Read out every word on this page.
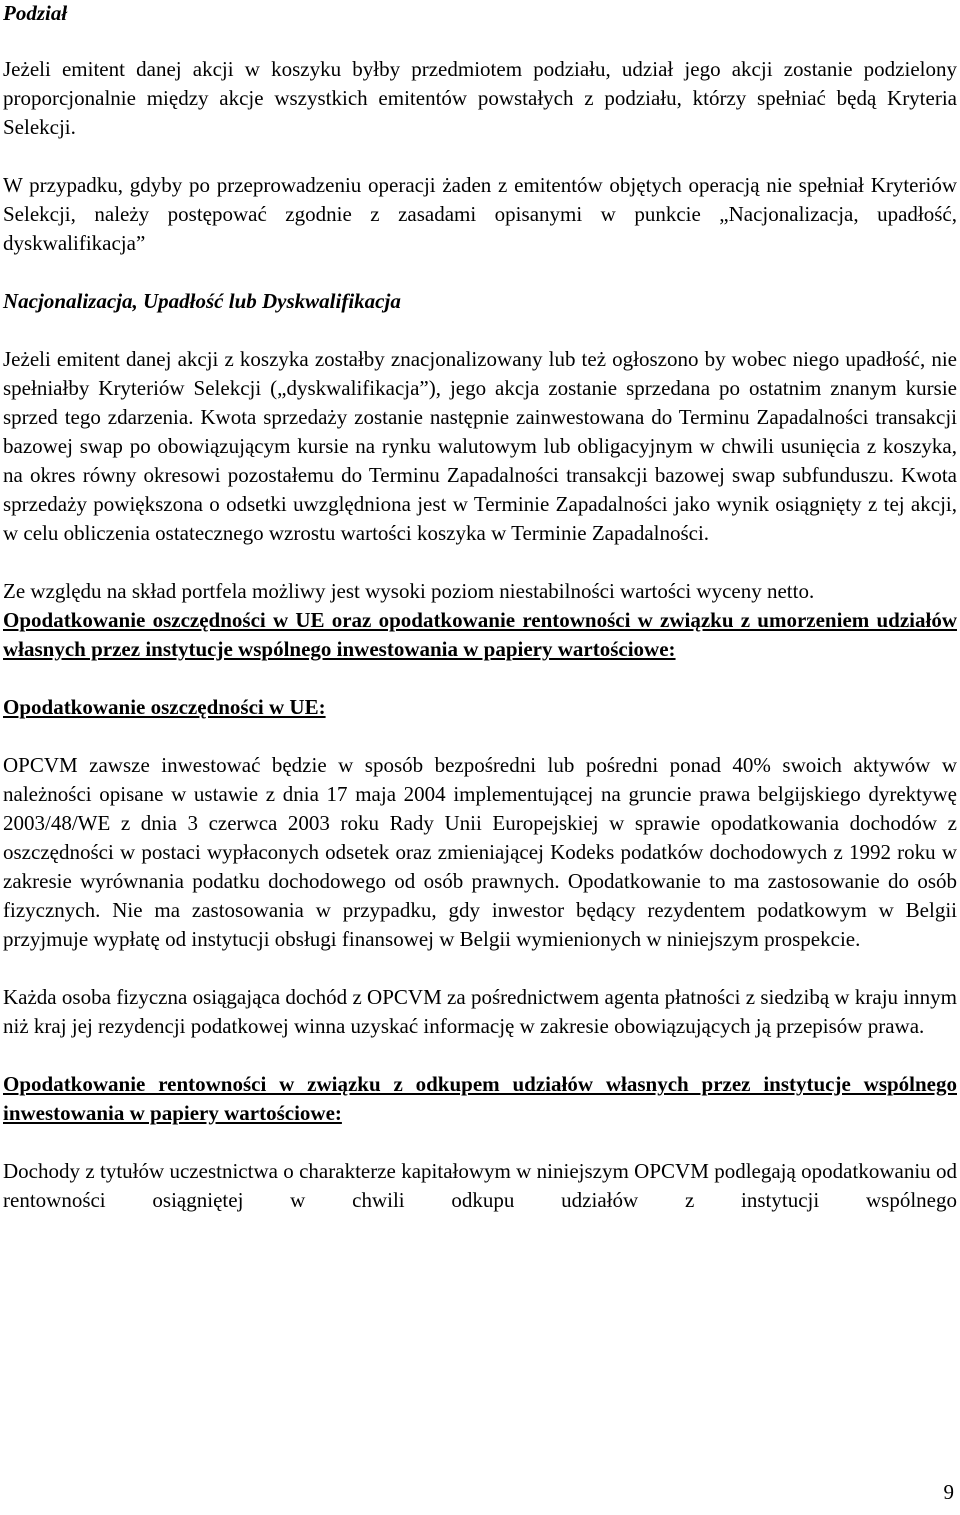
Podział

Jeżeli emitent danej akcji w koszyku byłby przedmiotem podziału, udział jego akcji zostanie podzielony proporcjonalnie między akcje wszystkich emitentów powstałych z podziału, którzy spełniać będą Kryteria Selekcji.

W przypadku, gdyby po przeprowadzeniu operacji żaden z emitentów objętych operacją nie spełniał Kryteriów Selekcji, należy postępować zgodnie z zasadami opisanymi w punkcie „Nacjonalizacja, upadłość, dyskwalifikacja”

Nacjonalizacja, Upadłość lub Dyskwalifikacja

Jeżeli emitent danej akcji z koszyka zostałby znacjonalizowany lub też ogłoszono by wobec niego upadłość, nie spełniałby Kryteriów Selekcji („dyskwalifikacja”), jego akcja zostanie sprzedana po ostatnim znanym kursie sprzed tego zdarzenia. Kwota sprzedaży zostanie następnie zainwestowana do Terminu Zapadalności transakcji bazowej swap po obowiązującym kursie na rynku walutowym lub obligacyjnym w chwili usunięcia z koszyka, na okres równy okresowi pozostałemu do Terminu Zapadalności transakcji bazowej swap subfunduszu. Kwota sprzedaży powiększona o odsetki uwzględniona jest w Terminie Zapadalności jako wynik osiągnięty z tej akcji, w celu obliczenia ostatecznego wzrostu wartości koszyka w Terminie Zapadalności.

Ze względu na skład portfela możliwy jest wysoki poziom niestabilności wartości wyceny netto.

Opodatkowanie oszczędności w UE oraz opodatkowanie rentowności w związku z umorzeniem udziałów własnych przez instytucje wspólnego inwestowania w papiery wartościowe:
Opodatkowanie oszczędności w UE:

OPCVM zawsze inwestować będzie w sposób bezpośredni lub pośredni ponad 40% swoich aktywów w należności opisane w ustawie z dnia 17 maja 2004 implementującej na gruncie prawa belgijskiego dyrektywę 2003/48/WE z dnia 3 czerwca 2003 roku Rady Unii Europejskiej w sprawie opodatkowania dochodów z oszczędności w postaci wypłaconych odsetek oraz zmieniającej Kodeks podatków dochodowych z 1992 roku w zakresie wyrównania podatku dochodowego od osób prawnych. Opodatkowanie to ma zastosowanie do osób fizycznych. Nie ma zastosowania w przypadku, gdy inwestor będący rezydentem podatkowym w Belgii przyjmuje wypłatę od instytucji obsługi finansowej w Belgii wymienionych w niniejszym prospekcie.

Każda osoba fizyczna osiągająca dochód z OPCVM za pośrednictwem agenta płatności z siedzibą w kraju innym niż kraj jej rezydencji podatkowej winna uzyskać informację w zakresie obowiązujących ją przepisów prawa.

Opodatkowanie rentowności w związku z odkupem udziałów własnych przez instytucje wspólnego inwestowania w papiery wartościowe:

Dochody z tytułów uczestnictwa o charakterze kapitałowym w niniejszym OPCVM podlegają opodatkowaniu od rentowności osiągniętej w chwili odkupu udziałów z instytucji wspólnego

9
